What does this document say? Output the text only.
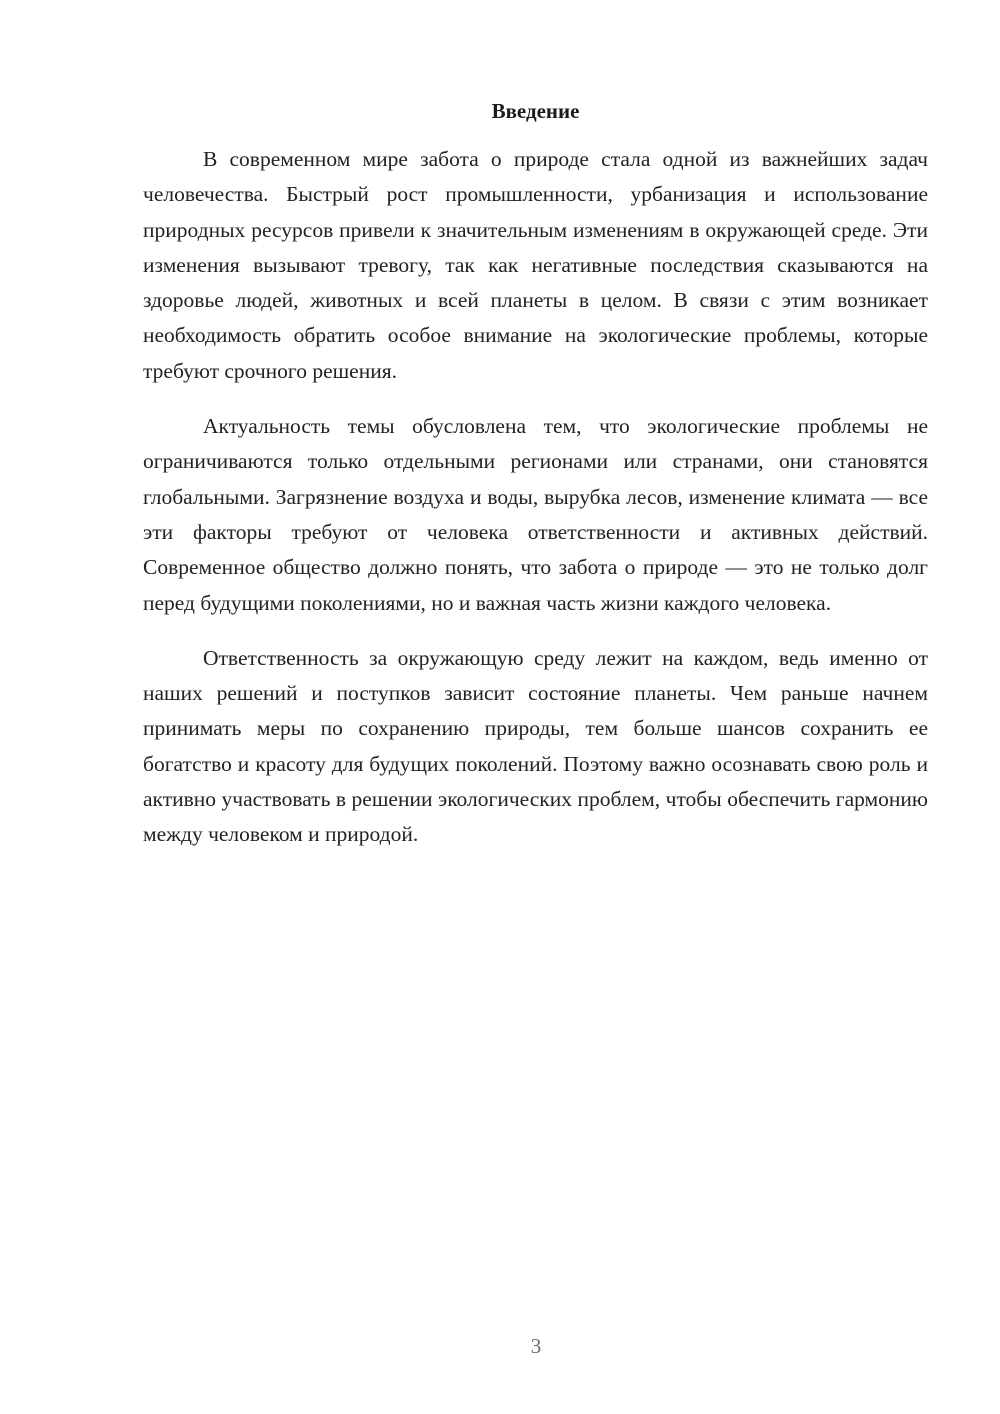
Введение

В современном мире забота о природе стала одной из важнейших задач человечества. Быстрый рост промышленности, урбанизация и использование природных ресурсов привели к значительным изменениям в окружающей среде. Эти изменения вызывают тревогу, так как негативные последствия сказываются на здоровье людей, животных и всей планеты в целом. В связи с этим возникает необходимость обратить особое внимание на экологические проблемы, которые требуют срочного решения.

Актуальность темы обусловлена тем, что экологические проблемы не ограничиваются только отдельными регионами или странами, они становятся глобальными. Загрязнение воздуха и воды, вырубка лесов, изменение климата — все эти факторы требуют от человека ответственности и активных действий. Современное общество должно понять, что забота о природе — это не только долг перед будущими поколениями, но и важная часть жизни каждого человека.

Ответственность за окружающую среду лежит на каждом, ведь именно от наших решений и поступков зависит состояние планеты. Чем раньше начнем принимать меры по сохранению природы, тем больше шансов сохранить ее богатство и красоту для будущих поколений. Поэтому важно осознавать свою роль и активно участвовать в решении экологических проблем, чтобы обеспечить гармонию между человеком и природой.

3
